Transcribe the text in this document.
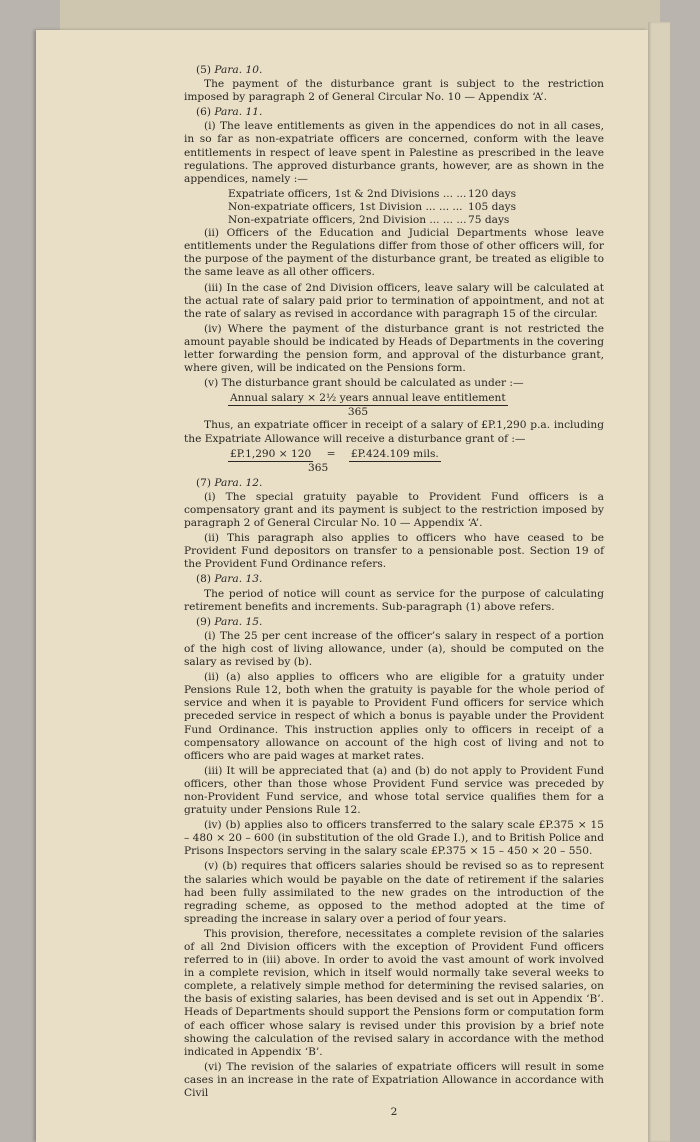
(5) Para. 10.

The payment of the disturbance grant is subject to the restriction imposed by paragraph 2 of General Circular No. 10 — Appendix ‘A’.

(6) Para. 11.

(i) The leave entitlements as given in the appendices do not in all cases, in so far as non-expatriate officers are concerned, conform with the leave entitlements in respect of leave spent in Palestine as prescribed in the leave regulations. The approved disturbance grants, however, are as shown in the appendices, namely :—

Expatriate officers, 1st & 2nd Divisions ... ... 120 days
Non-expatriate officers, 1st Division ... ... ... 105 days
Non-expatriate officers, 2nd Division ... ... ... 75 days

(ii) Officers of the Education and Judicial Departments whose leave entitlements under the Regulations differ from those of other officers will, for the purpose of the payment of the disturbance grant, be treated as eligible to the same leave as all other officers.

(iii) In the case of 2nd Division officers, leave salary will be calculated at the actual rate of salary paid prior to termination of appointment, and not at the rate of salary as revised in accordance with paragraph 15 of the circular.

(iv) Where the payment of the disturbance grant is not restricted the amount payable should be indicated by Heads of Departments in the covering letter forwarding the pension form, and approval of the disturbance grant, where given, will be indicated on the Pensions form.

(v) The disturbance grant should be calculated as under :—

Annual salary × 2½ years annual leave entitlement
365

Thus, an expatriate officer in receipt of a salary of £P.1,290 p.a. including the Expatriate Allowance will receive a disturbance grant of :—

£P.1,290 × 120 = £P.424.109 mils.
365
(7) Para. 12.

(i) The special gratuity payable to Provident Fund officers is a compensatory grant and its payment is subject to the restriction imposed by paragraph 2 of General Circular No. 10 — Appendix ‘A’.

(ii) This paragraph also applies to officers who have ceased to be Provident Fund depositors on transfer to a pensionable post. Section 19 of the Provident Fund Ordinance refers.

(8) Para. 13.

The period of notice will count as service for the purpose of calculating retirement benefits and increments. Sub-paragraph (1) above refers.

(9) Para. 15.

(i) The 25 per cent increase of the officer’s salary in respect of a portion of the high cost of living allowance, under (a), should be computed on the salary as revised by (b).

(ii) (a) also applies to officers who are eligible for a gratuity under Pensions Rule 12, both when the gratuity is payable for the whole period of service and when it is payable to Provident Fund officers for service which preceded service in respect of which a bonus is payable under the Provident Fund Ordinance. This instruction applies only to officers in receipt of a compensatory allowance on account of the high cost of living and not to officers who are paid wages at market rates.

(iii) It will be appreciated that (a) and (b) do not apply to Provident Fund officers, other than those whose Provident Fund service was preceded by non-Provident Fund service, and whose total service qualifies them for a gratuity under Pensions Rule 12.

(iv) (b) applies also to officers transferred to the salary scale £P.375 × 15 – 480 × 20 – 600 (in substitution of the old Grade I.), and to British Police and Prisons Inspectors serving in the salary scale £P.375 × 15 – 450 × 20 – 550.

(v) (b) requires that officers salaries should be revised so as to represent the salaries which would be payable on the date of retirement if the salaries had been fully assimilated to the new grades on the introduction of the regrading scheme, as opposed to the method adopted at the time of spreading the increase in salary over a period of four years.

This provision, therefore, necessitates a complete revision of the salaries of all 2nd Division officers with the exception of Provident Fund officers referred to in (iii) above. In order to avoid the vast amount of work involved in a complete revision, which in itself would normally take several weeks to complete, a relatively simple method for determining the revised salaries, on the basis of existing salaries, has been devised and is set out in Appendix ‘B’. Heads of Departments should support the Pensions form or computation form of each officer whose salary is revised under this provision by a brief note showing the calculation of the revised salary in accordance with the method indicated in Appendix ‘B’.

(vi) The revision of the salaries of expatriate officers will result in some cases in an increase in the rate of Expatriation Allowance in accordance with Civil

2
